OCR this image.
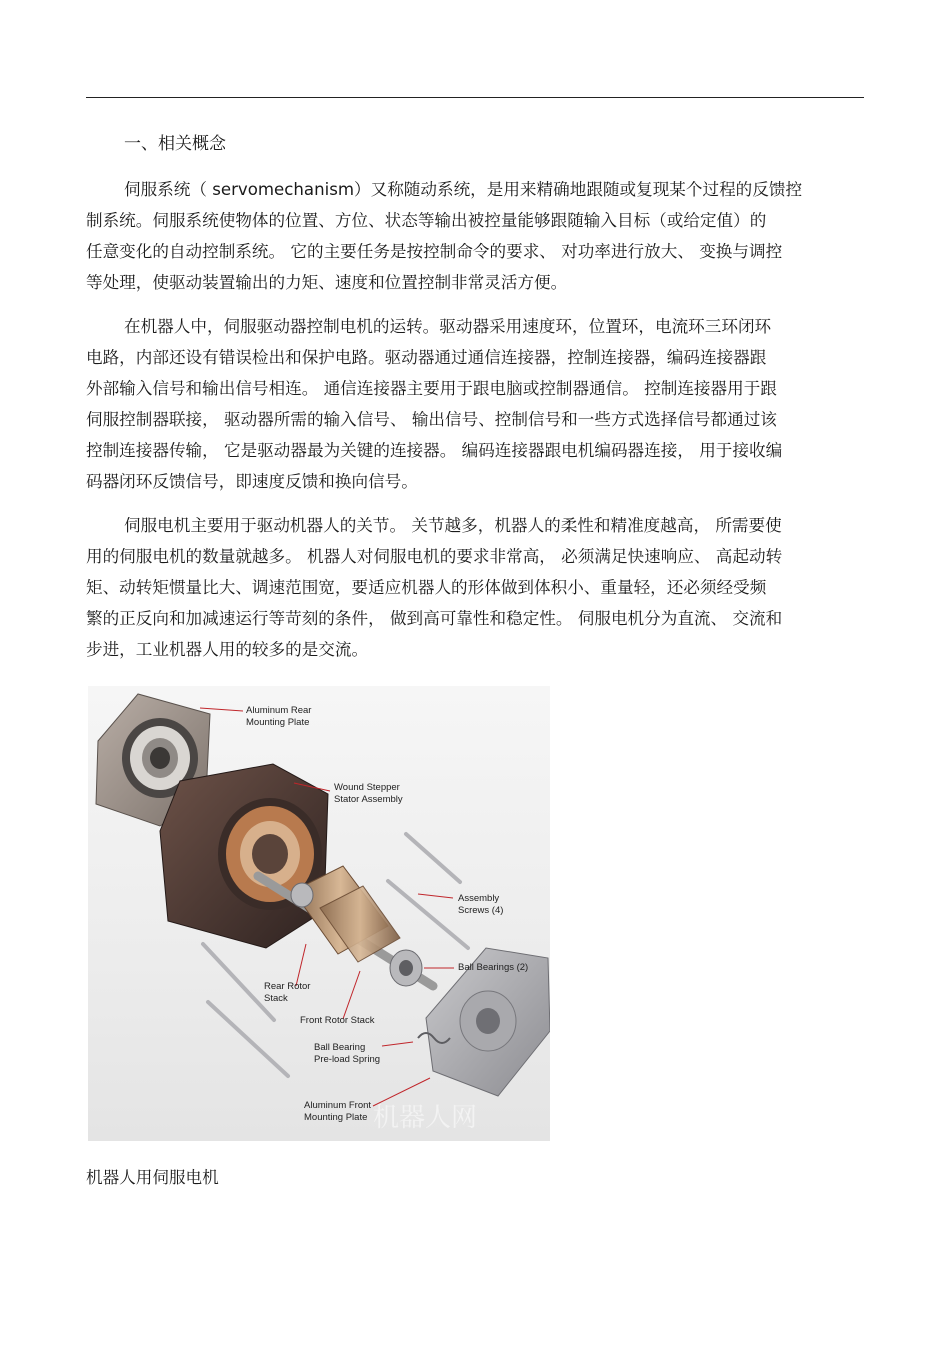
一、相关概念

伺服系统（ servomechanism）又称随动系统，是用来精确地跟随或复现某个过程的反馈控
制系统。伺服系统使物体的位置、方位、状态等输出被控量能够跟随输入目标（或给定值）的
任意变化的自动控制系统。 它的主要任务是按控制命令的要求、 对功率进行放大、 变换与调控
等处理，使驱动装置输出的力矩、速度和位置控制非常灵活方便。

在机器人中，伺服驱动器控制电机的运转。驱动器采用速度环，位置环，电流环三环闭环
电路，内部还设有错误检出和保护电路。驱动器通过通信连接器，控制连接器，编码连接器跟
外部输入信号和输出信号相连。 通信连接器主要用于跟电脑或控制器通信。 控制连接器用于跟
伺服控制器联接， 驱动器所需的输入信号、 输出信号、控制信号和一些方式选择信号都通过该
控制连接器传输， 它是驱动器最为关键的连接器。 编码连接器跟电机编码器连接， 用于接收编
码器闭环反馈信号，即速度反馈和换向信号。

伺服电机主要用于驱动机器人的关节。 关节越多，机器人的柔性和精准度越高， 所需要使
用的伺服电机的数量就越多。 机器人对伺服电机的要求非常高， 必须满足快速响应、 高起动转
矩、动转矩惯量比大、调速范围宽，要适应机器人的形体做到体积小、重量轻，还必须经受频
繁的正反向和加减速运行等苛刻的条件， 做到高可靠性和稳定性。 伺服电机分为直流、 交流和
步进，工业机器人用的较多的是交流。

Aluminum Rear
Mounting Plate
Wound Stepper
Stator Assembly
Assembly
Screws (4)
Ball Bearings (2)
Rear Rotor
Stack
Front Rotor Stack
Ball Bearing
Pre-load Spring
Aluminum Front
Mounting Plate 机器人网

机器人用伺服电机
